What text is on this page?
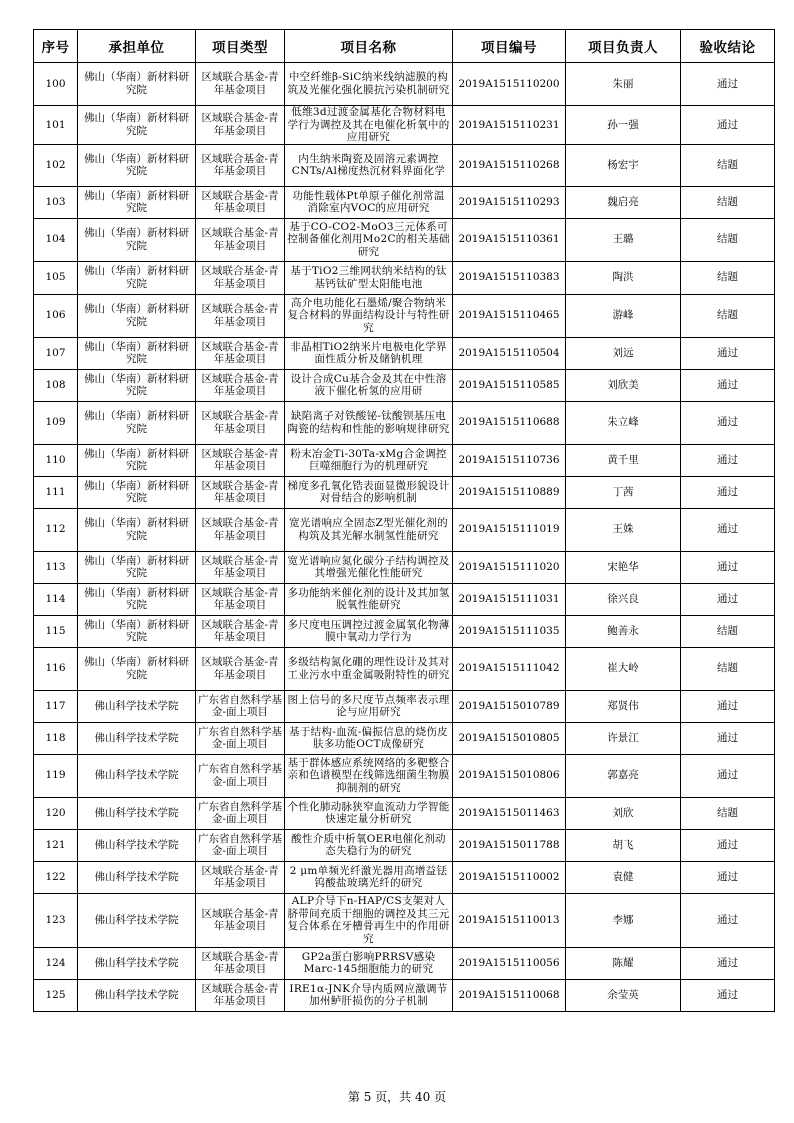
序号	承担单位	项目类型	项目名称	项目编号	项目负责人	验收结论
100	佛山（华南）新材料研究院	区域联合基金-青年基金项目	中空纤维β-SiC纳米线纳滤膜的构筑及光催化强化膜抗污染机制研究	2019A1515110200	朱丽	通过
101	佛山（华南）新材料研究院	区域联合基金-青年基金项目	低维3d过渡金属基化合物材料电学行为调控及其在电催化析氧中的应用研究	2019A1515110231	孙一强	通过
102	佛山（华南）新材料研究院	区域联合基金-青年基金项目	内生纳米陶瓷及固溶元素调控CNTs/Al梯度热沉材料界面化学	2019A1515110268	杨宏宇	结题
103	佛山（华南）新材料研究院	区域联合基金-青年基金项目	功能性载体Pt单原子催化剂常温消除室内VOC的应用研究	2019A1515110293	魏启亮	结题
104	佛山（华南）新材料研究院	区域联合基金-青年基金项目	基于CO-CO2-MoO3三元体系可控制备催化剂用Mo2C的相关基础研究	2019A1515110361	王璐	结题
105	佛山（华南）新材料研究院	区域联合基金-青年基金项目	基于TiO2三维网状纳米结构的钛基钙钛矿型太阳能电池	2019A1515110383	陶洪	结题
106	佛山（华南）新材料研究院	区域联合基金-青年基金项目	高介电功能化石墨烯/聚合物纳米复合材料的界面结构设计与特性研究	2019A1515110465	游峰	结题
107	佛山（华南）新材料研究院	区域联合基金-青年基金项目	非晶相TiO2纳米片电极电化学界面性质分析及储钠机理	2019A1515110504	刘远	通过
108	佛山（华南）新材料研究院	区域联合基金-青年基金项目	设计合成Cu基合金及其在中性溶液下催化析氢的应用研	2019A1515110585	刘欣美	通过
109	佛山（华南）新材料研究院	区域联合基金-青年基金项目	缺陷离子对铁酸铋-钛酸钡基压电陶瓷的结构和性能的影响规律研究	2019A1515110688	朱立峰	通过
110	佛山（华南）新材料研究院	区域联合基金-青年基金项目	粉末冶金Ti-30Ta-xMg合金调控巨噬细胞行为的机理研究	2019A1515110736	黄千里	通过
111	佛山（华南）新材料研究院	区域联合基金-青年基金项目	梯度多孔氧化锆表面显微形貌设计对骨结合的影响机制	2019A1515110889	丁茜	通过
112	佛山（华南）新材料研究院	区域联合基金-青年基金项目	宽光谱响应全固态Z型光催化剂的构筑及其光解水制氢性能研究	2019A1515111019	王姝	通过
113	佛山（华南）新材料研究院	区域联合基金-青年基金项目	宽光谱响应氮化碳分子结构调控及其增强光催化性能研究	2019A1515111020	宋艳华	通过
114	佛山（华南）新材料研究院	区域联合基金-青年基金项目	多功能纳米催化剂的设计及其加氢脱氧性能研究	2019A1515111031	徐兴良	通过
115	佛山（华南）新材料研究院	区域联合基金-青年基金项目	多尺度电压调控过渡金属氧化物薄膜中氧动力学行为	2019A1515111035	鲍善永	结题
116	佛山（华南）新材料研究院	区域联合基金-青年基金项目	多级结构氮化硼的理性设计及其对工业污水中重金属吸附特性的研究	2019A1515111042	崔大岭	结题
117	佛山科学技术学院	广东省自然科学基金-面上项目	图上信号的多尺度节点频率表示理论与应用研究	2019A1515010789	郑贤伟	通过
118	佛山科学技术学院	广东省自然科学基金-面上项目	基于结构-血流-偏振信息的烧伤皮肤多功能OCT成像研究	2019A1515010805	许景江	通过
119	佛山科学技术学院	广东省自然科学基金-面上项目	基于群体感应系统网络的多靶整合亲和色谱模型在线筛选细菌生物膜抑制剂的研究	2019A1515010806	郭嘉亮	通过
120	佛山科学技术学院	广东省自然科学基金-面上项目	个性化肺动脉狭窄血流动力学智能快速定量分析研究	2019A1515011463	刘欣	结题
121	佛山科学技术学院	广东省自然科学基金-面上项目	酸性介质中析氧OER电催化剂动态失稳行为的研究	2019A1515011788	胡飞	通过
122	佛山科学技术学院	区域联合基金-青年基金项目	2 μm单频光纤激光器用高增益铥钨酸盐玻璃光纤的研究	2019A1515110002	袁健	通过
123	佛山科学技术学院	区域联合基金-青年基金项目	ALP介导下n-HAP/CS支架对人脐带间充质干细胞的调控及其三元复合体系在牙槽骨再生中的作用研究	2019A1515110013	李娜	通过
124	佛山科学技术学院	区域联合基金-青年基金项目	GP2a蛋白影响PRRSV感染Marc-145细胞能力的研究	2019A1515110056	陈耀	通过
125	佛山科学技术学院	区域联合基金-青年基金项目	IRE1α-JNK介导内质网应激调节加州鲈肝损伤的分子机制	2019A1515110068	余莹英	通过
第 5 页，共 40 页
